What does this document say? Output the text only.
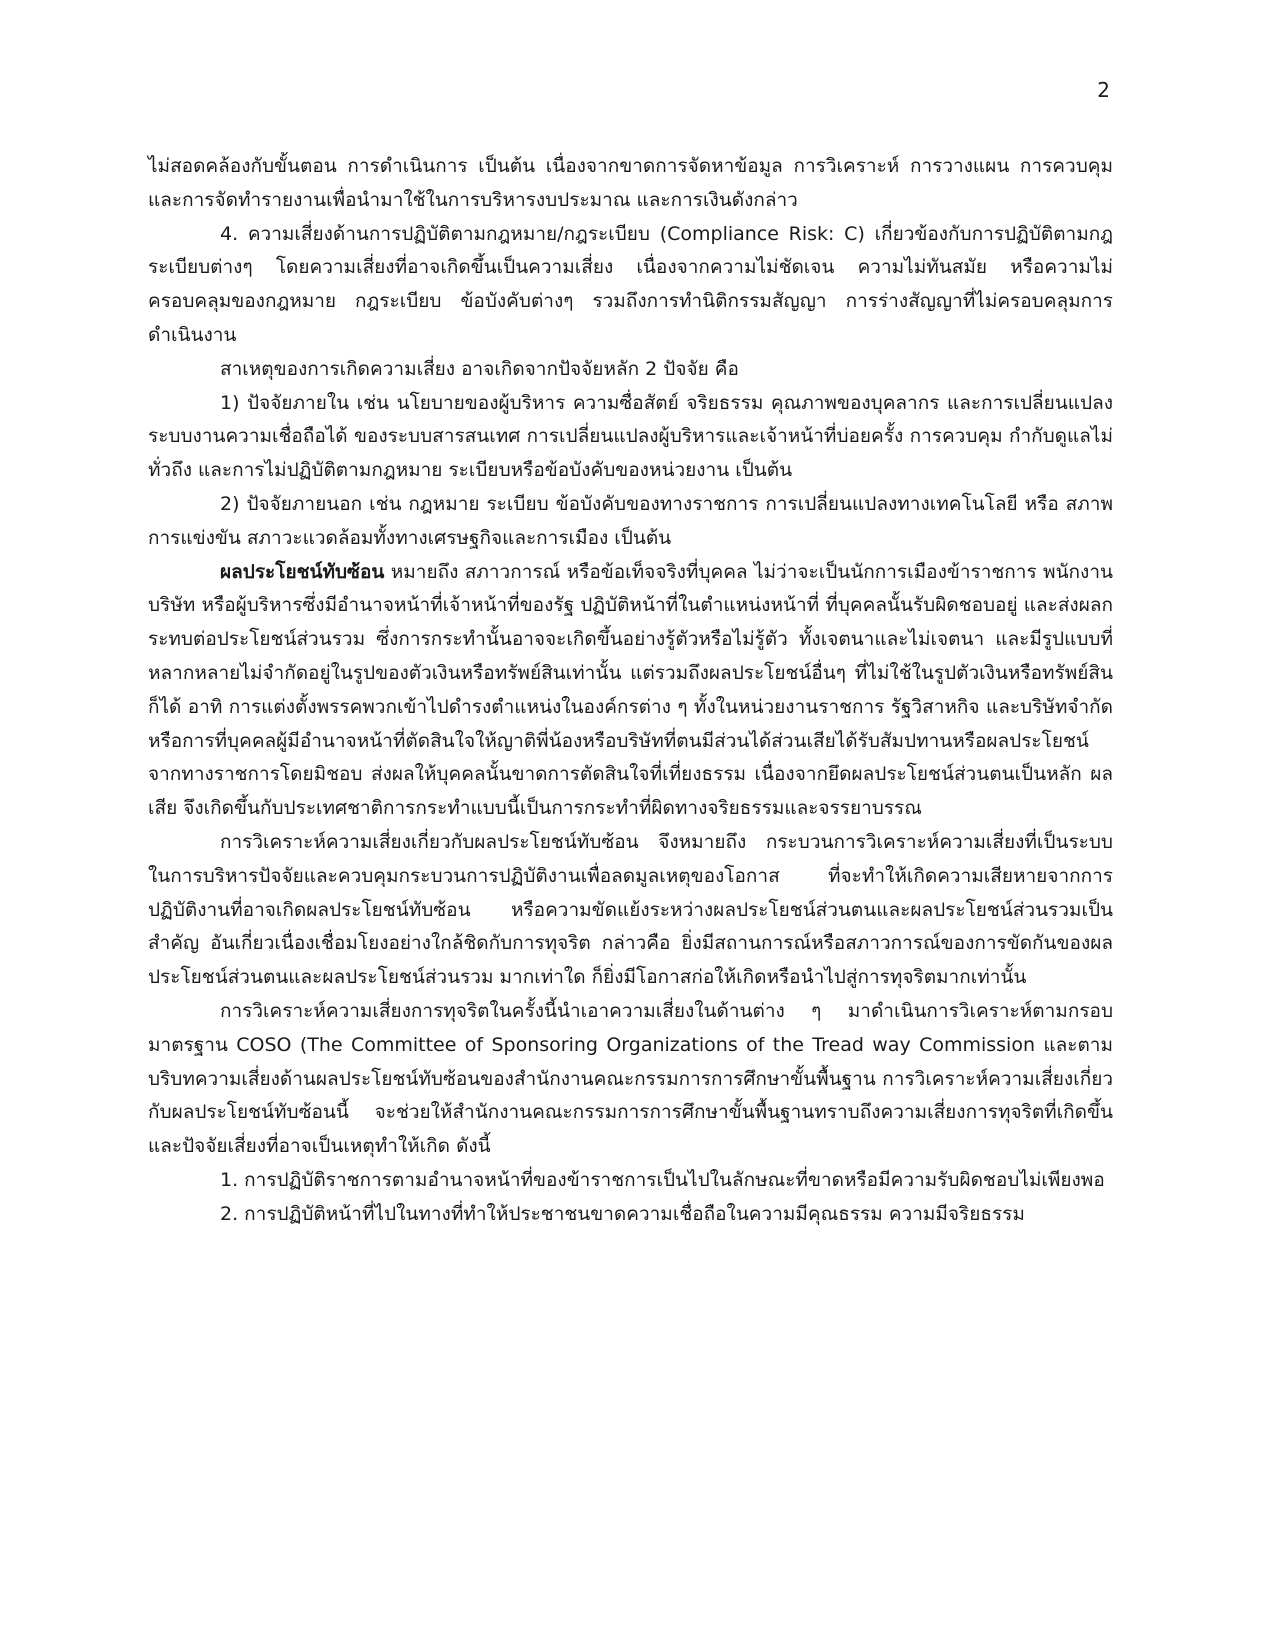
2

ไม่สอดคล้องกับขั้นตอน การดำเนินการ เป็นต้น เนื่องจากขาดการจัดหาข้อมูล การวิเคราะห์ การวางแผน การควบคุม และการจัดทำรายงานเพื่อนำมาใช้ในการบริหารงบประมาณ และการเงินดังกล่าว

4. ความเสี่ยงด้านการปฏิบัติตามกฎหมาย/กฎระเบียบ (Compliance Risk: C) เกี่ยวข้องกับการปฏิบัติตามกฎระเบียบต่างๆ โดยความเสี่ยงที่อาจเกิดขึ้นเป็นความเสี่ยง เนื่องจากความไม่ชัดเจน ความไม่ทันสมัย หรือความไม่ครอบคลุมของกฎหมาย กฎระเบียบ ข้อบังคับต่างๆ รวมถึงการทำนิติกรรมสัญญา การร่างสัญญาที่ไม่ครอบคลุมการดำเนินงาน

สาเหตุของการเกิดความเสี่ยง อาจเกิดจากปัจจัยหลัก 2 ปัจจัย คือ

1) ปัจจัยภายใน เช่น นโยบายของผู้บริหาร ความซื่อสัตย์ จริยธรรม คุณภาพของบุคลากร และการเปลี่ยนแปลงระบบงานความเชื่อถือได้ ของระบบสารสนเทศ การเปลี่ยนแปลงผู้บริหารและเจ้าหน้าที่บ่อยครั้ง การควบคุม กำกับดูแลไม่ทั่วถึง และการไม่ปฏิบัติตามกฎหมาย ระเบียบหรือข้อบังคับของหน่วยงาน เป็นต้น

2) ปัจจัยภายนอก เช่น กฎหมาย ระเบียบ ข้อบังคับของทางราชการ การเปลี่ยนแปลงทางเทคโนโลยี หรือ สภาพการแข่งขัน สภาวะแวดล้อมทั้งทางเศรษฐกิจและการเมือง เป็นต้น

ผลประโยชน์ทับซ้อน หมายถึง สภาวการณ์ หรือข้อเท็จจริงที่บุคคล ไม่ว่าจะเป็นนักการเมืองข้าราชการ พนักงานบริษัท หรือผู้บริหารซึ่งมีอำนาจหน้าที่เจ้าหน้าที่ของรัฐ ปฏิบัติหน้าที่ในตำแหน่งหน้าที่ ที่บุคคลนั้นรับผิดชอบอยู่ และส่งผลกระทบต่อประโยชน์ส่วนรวม ซึ่งการกระทำนั้นอาจจะเกิดขึ้นอย่างรู้ตัวหรือไม่รู้ตัว ทั้งเจตนาและไม่เจตนา และมีรูปแบบที่หลากหลายไม่จำกัดอยู่ในรูปของตัวเงินหรือทรัพย์สินเท่านั้น แต่รวมถึงผลประโยชน์อื่นๆ ที่ไม่ใช้ในรูปตัวเงินหรือทรัพย์สินก็ได้ อาทิ การแต่งตั้งพรรคพวกเข้าไปดำรงตำแหน่งในองค์กรต่าง ๆ ทั้งในหน่วยงานราชการ รัฐวิสาหกิจ และบริษัทจำกัดหรือการที่บุคคลผู้มีอำนาจหน้าที่ตัดสินใจให้ญาติพี่น้องหรือบริษัทที่ตนมีส่วนได้ส่วนเสียได้รับสัมปทานหรือผลประโยชน์ จากทางราชการโดยมิชอบ ส่งผลให้บุคคลนั้นขาดการตัดสินใจที่เที่ยงธรรม เนื่องจากยึดผลประโยชน์ส่วนตนเป็นหลัก ผลเสีย จึงเกิดขึ้นกับประเทศชาติการกระทำแบบนี้เป็นการกระทำที่ผิดทางจริยธรรมและจรรยาบรรณ

การวิเคราะห์ความเสี่ยงเกี่ยวกับผลประโยชน์ทับซ้อน จึงหมายถึง กระบวนการวิเคราะห์ความเสี่ยงที่เป็นระบบ ในการบริหารปัจจัยและควบคุมกระบวนการปฏิบัติงานเพื่อลดมูลเหตุของโอกาส ที่จะทำให้เกิดความเสียหายจากการปฏิบัติงานที่อาจเกิดผลประโยชน์ทับซ้อน หรือความขัดแย้งระหว่างผลประโยชน์ส่วนตนและผลประโยชน์ส่วนรวมเป็นสำคัญ อันเกี่ยวเนื่องเชื่อมโยงอย่างใกล้ชิดกับการทุจริต กล่าวคือ ยิ่งมีสถานการณ์หรือสภาวการณ์ของการขัดกันของผลประโยชน์ส่วนตนและผลประโยชน์ส่วนรวม มากเท่าใด ก็ยิ่งมีโอกาสก่อให้เกิดหรือนำไปสู่การทุจริตมากเท่านั้น

การวิเคราะห์ความเสี่ยงการทุจริตในครั้งนี้นำเอาความเสี่ยงในด้านต่าง ๆ มาดำเนินการวิเคราะห์ตามกรอบมาตรฐาน COSO (The Committee of Sponsoring Organizations of the Tread way Commission และตามบริบทความเสี่ยงด้านผลประโยชน์ทับซ้อนของสำนักงานคณะกรรมการการศึกษาขั้นพื้นฐาน การวิเคราะห์ความเสี่ยงเกี่ยวกับผลประโยชน์ทับซ้อนนี้ จะช่วยให้สำนักงานคณะกรรมการการศึกษาขั้นพื้นฐานทราบถึงความเสี่ยงการทุจริตที่เกิดขึ้น และปัจจัยเสี่ยงที่อาจเป็นเหตุทำให้เกิด ดังนี้

1. การปฏิบัติราชการตามอำนาจหน้าที่ของข้าราชการเป็นไปในลักษณะที่ขาดหรือมีความรับผิดชอบไม่เพียงพอ

2. การปฏิบัติหน้าที่ไปในทางที่ทำให้ประชาชนขาดความเชื่อถือในความมีคุณธรรม ความมีจริยธรรม
